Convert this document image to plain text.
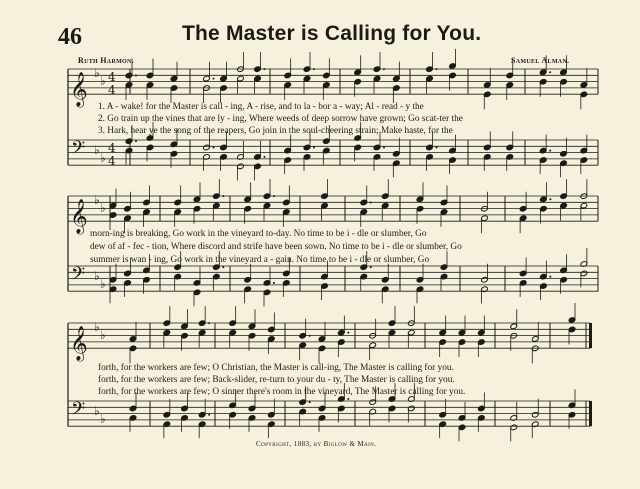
46	The Master is Calling for You.
Ruth Harmon.	Samuel Alman.
𝄞
𝄢
♭
♭
♭
♭
4
4
4
4
𝄞
𝄢
♭
♭
♭
♭
𝄞
𝄢
♭
♭
♭
♭
1. A - wake! for the Master is call - ing, A - rise, and to la - bor a - way; Al - read - y the
2. Go train up the vines that are ly - ing, Where weeds of deep sorrow have grown; Go scat-ter the
3. Hark, hear ye the song of the reapers, Go join in the soul-cheering strain; Make haste, for the
morn-ing is breaking, Go work in the vineyard to-day. No time to be i - dle or slumber, Go
dew of af - fec - tion, Where discord and strife have been sown. No time to be i - dle or slumber, Go
summer is wan - ing, Go work in the vineyard a - gain. No time to be i - dle or slumber, Go
forth, for the workers are few; O Christian, the Master is call-ing, The Master is calling for you.
forth, for the workers are few; Back-slider, re-turn to your du - ty, The Master is calling for you.
forth, for the workers are few; O sinner there's room in the vineyard, The Master is calling for you.
Copyright, 1883, by Biglow & Main.
